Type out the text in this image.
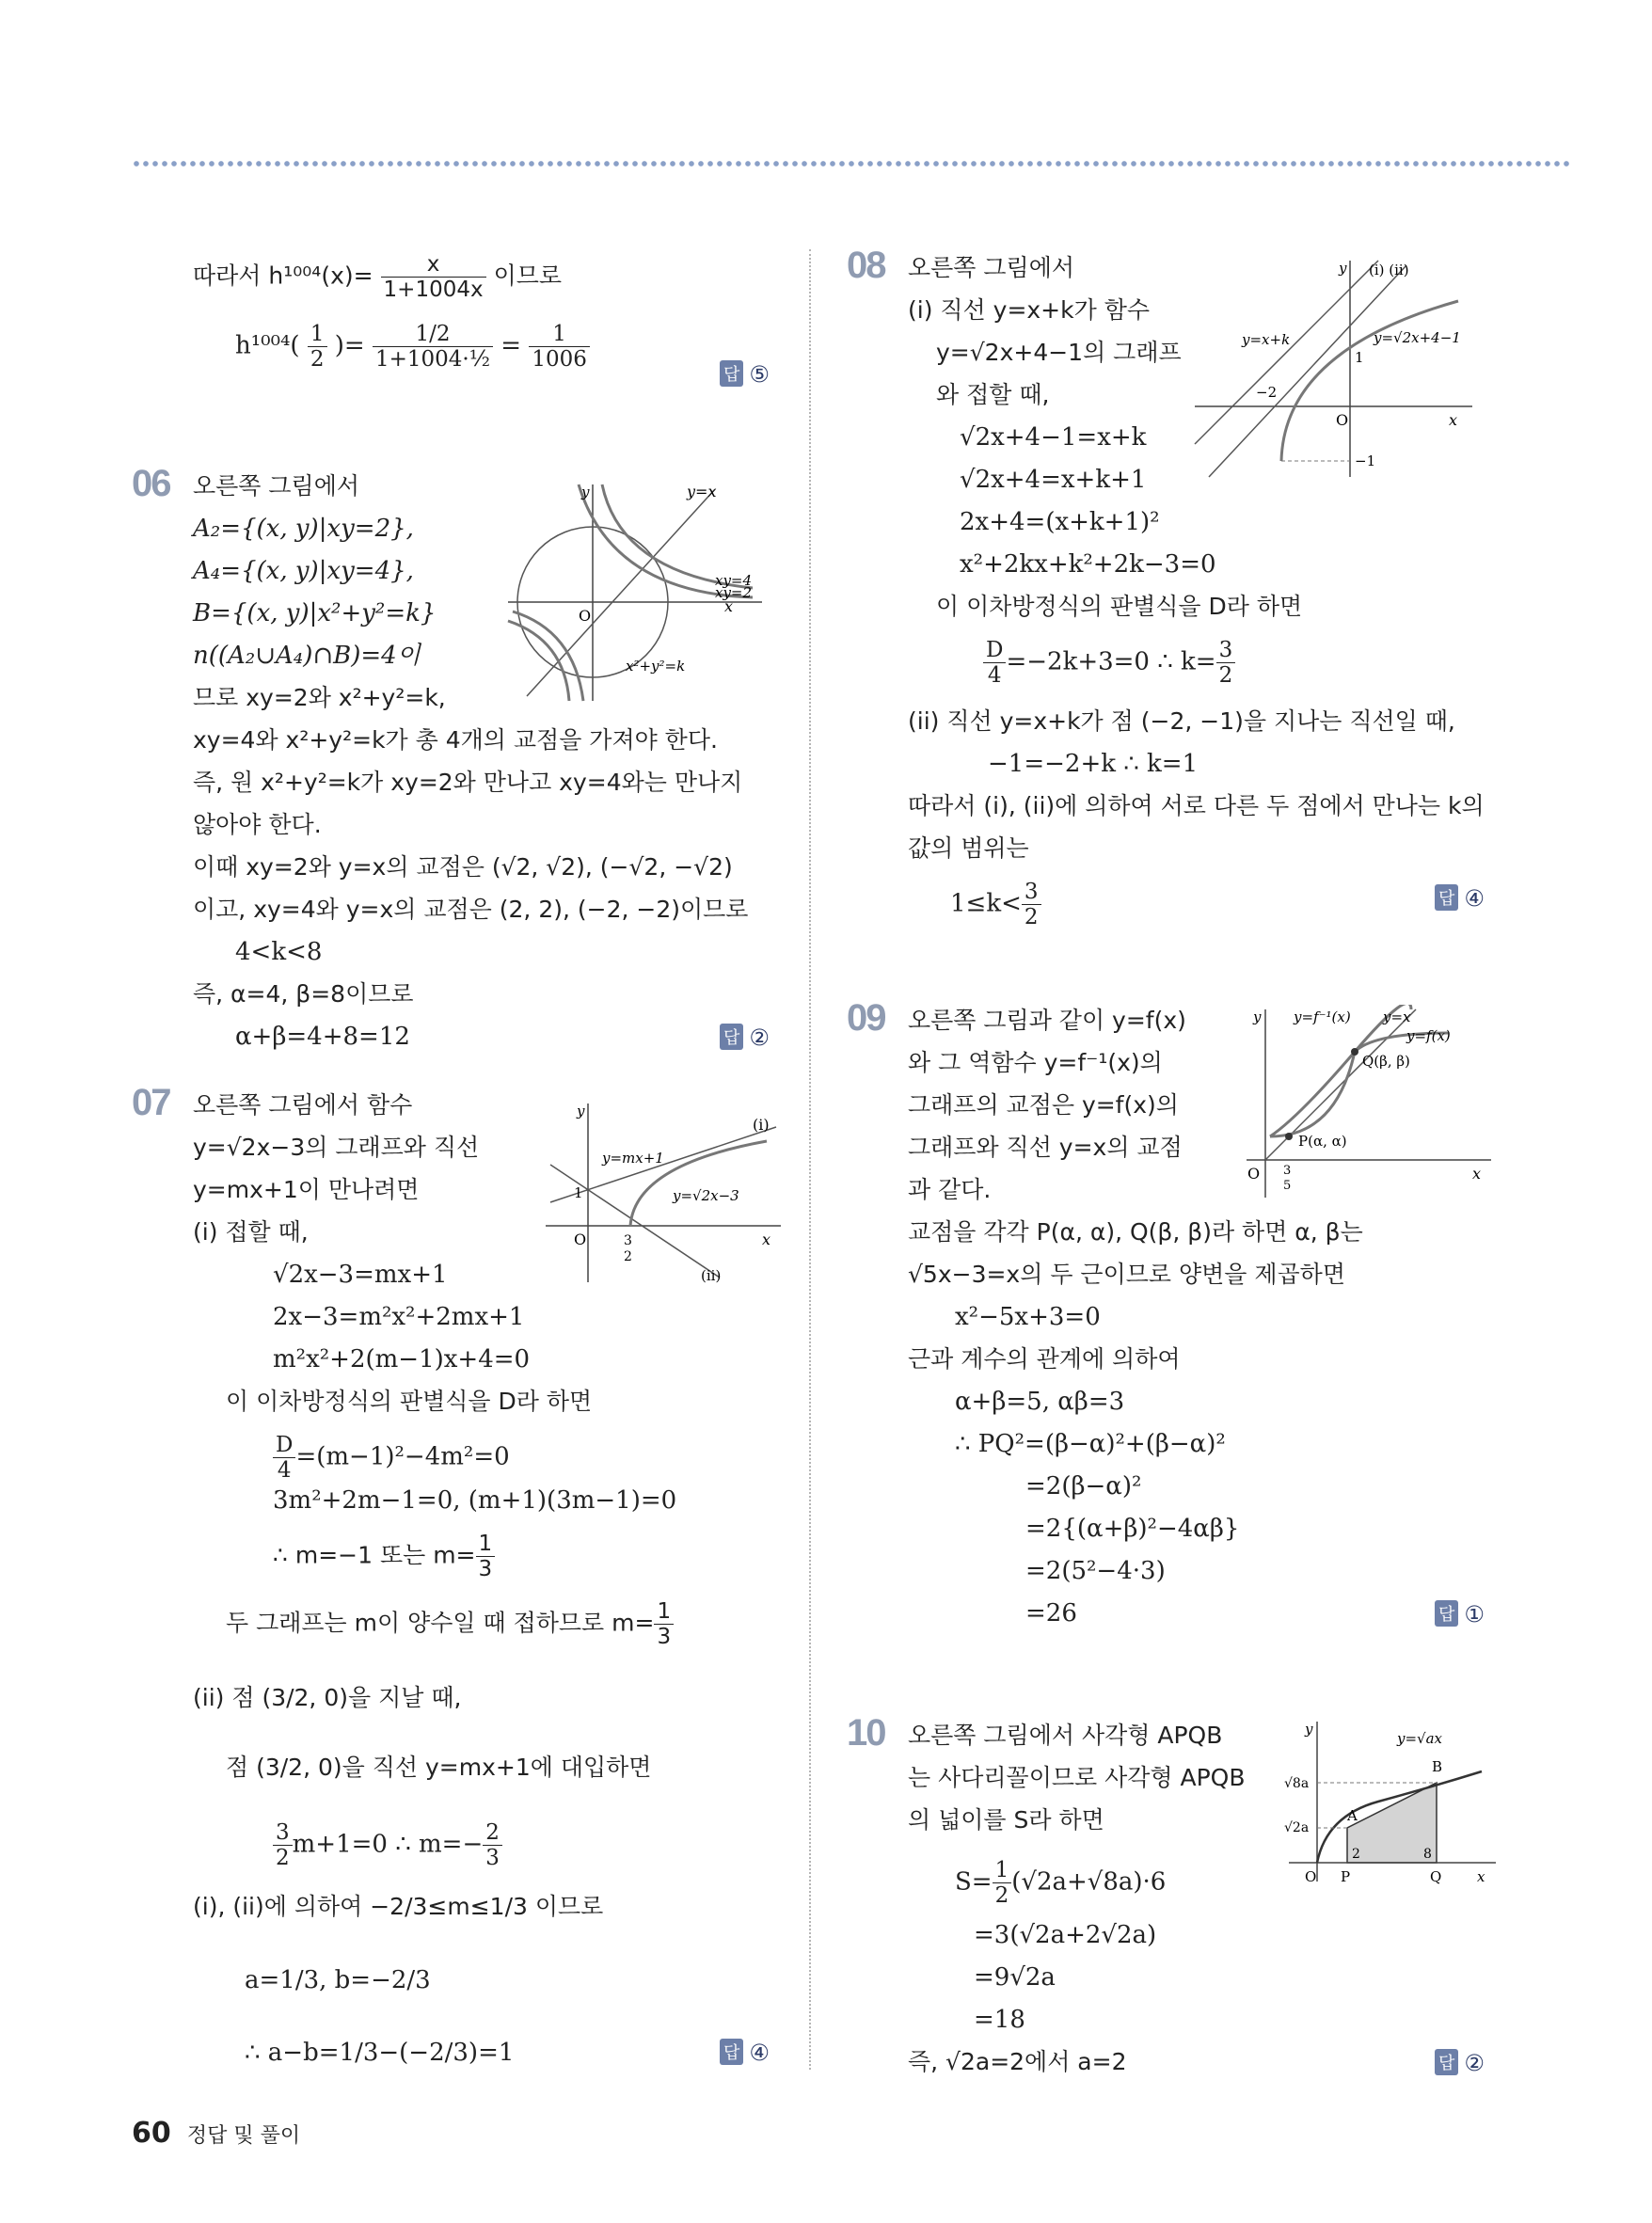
따라서 $h^{1004}(x)= \frac{x}{1+1004x}$ 이므로
$h^{1004}( \frac{1}{2}$ )= $\frac{1/2}{\text{1+1004·½}} = \frac{1}{1006}$
답 ⑤
06 오른쪽 그림에서
A₂={(x, y)|xy=2},
A₄={(x, y)|xy=4},
B={(x, y)|x²+y²=k}
n((A₂∪A₄)∩B)=4이
므로 xy=2와 x²+y²=k,
xy=4와 x²+y²=k가 총 4개의 교점을 가져야 한다.
즉, 원 x²+y²=k가 xy=2와 만나고 xy=4와는 만나지
않아야 한다.
이때 xy=2와 y=x의 교점은 (√2, √2), (−√2, −√2)
이고, xy=4와 y=x의 교점은 (2, 2), (−2, −2)이므로
4<k<8
즉, α=4, β=8이므로
α+β=4+8=12	답 ②
y	y=x
xy=4
xy=2
x
O
x²+y²=k
07 오른쪽 그림에서 함수
y=√2x−3의 그래프와 직선
y=mx+1이 만나려면
(i) 접할 때,
√2x−3=mx+1
2x−3=m²x²+2mx+1
m²x²+2(m−1)x+4=0
이 이차방정식의 판별식을 D라 하면
$\frac{D}{4} =(m-1)^2-4m^2=0$
3m²+2m−1=0, (m+1)(3m−1)=0
∴ m=−1 또는 $m= \frac{1}{3}$
두 그래프는 m이 양수일 때 접하므로 $m= \frac{1}{3}$
(ii) 점 (3/2, 0)을 지날 때,
점 (3/2, 0)을 직선 y=mx+1에 대입하면
$\frac{3}{2} m+1=0$ ∴ $m=- \frac{2}{3}$
(i), (ii)에 의하여 −2/3≤m≤1/3 이므로
a=1/3, b=−2/3
∴ a−b=1/3−(−2/3)=1	답 ④
y
(i)
y=mx+1
y=√2x−3
1
O	3
2
x
(ii)
08 오른쪽 그림에서
(i) 직선 y=x+k가 함수
y=√2x+4−1의 그래프
와 접할 때,
√2x+4−1=x+k
√2x+4=x+k+1
2x+4=(x+k+1)²
x²+2kx+k²+2k−3=0
이 이차방정식의 판별식을 D라 하면
$\frac{D}{4} =-2k+3=0$ ∴ $k= \frac{3}{2}$
(ii) 직선 y=x+k가 점 (−2, −1)을 지나는 직선일 때,
−1=−2+k ∴ k=1
따라서 (i), (ii)에 의하여 서로 다른 두 점에서 만나는 k의
값의 범위는
$1\le k< \frac{3}{2}$	답 ④
y (i) (ii)
y=x+k	y=√2x+4−1
1
−2
O	x
−1
09 오른쪽 그림과 같이 y=f(x)
와 그 역함수 y=f⁻¹(x)의
그래프의 교점은 y=f(x)의
그래프와 직선 y=x의 교점
과 같다.
교점을 각각 P(α, α), Q(β, β)라 하면 α, β는
√5x−3=x의 두 근이므로 양변을 제곱하면
x²−5x+3=0
근과 계수의 관계에 의하여
α+β=5, αβ=3
∴ PQ²=(β−α)²+(β−α)²
=2(β−α)²
=2{(α+β)²−4αβ}
=2(5²−4·3)
=26	답 ①
y y=f⁻¹(x) y=x
y=f(x)
Q(β, β)
P(α, α)
O 3
5
x
10 오른쪽 그림에서 사각형 APQB
는 사다리꼴이므로 사각형 APQB
의 넓이를 S라 하면
$S= \frac{1}{2} (√2a+√8a)\cdot 6$
=3(√2a+2√2a)
=9√2a
=18
즉, √2a=2에서 a=2	답 ②
y
y=√ax
B
√8a
A
√2a
2	8
O P	Q	x
60 정답 및 풀이
